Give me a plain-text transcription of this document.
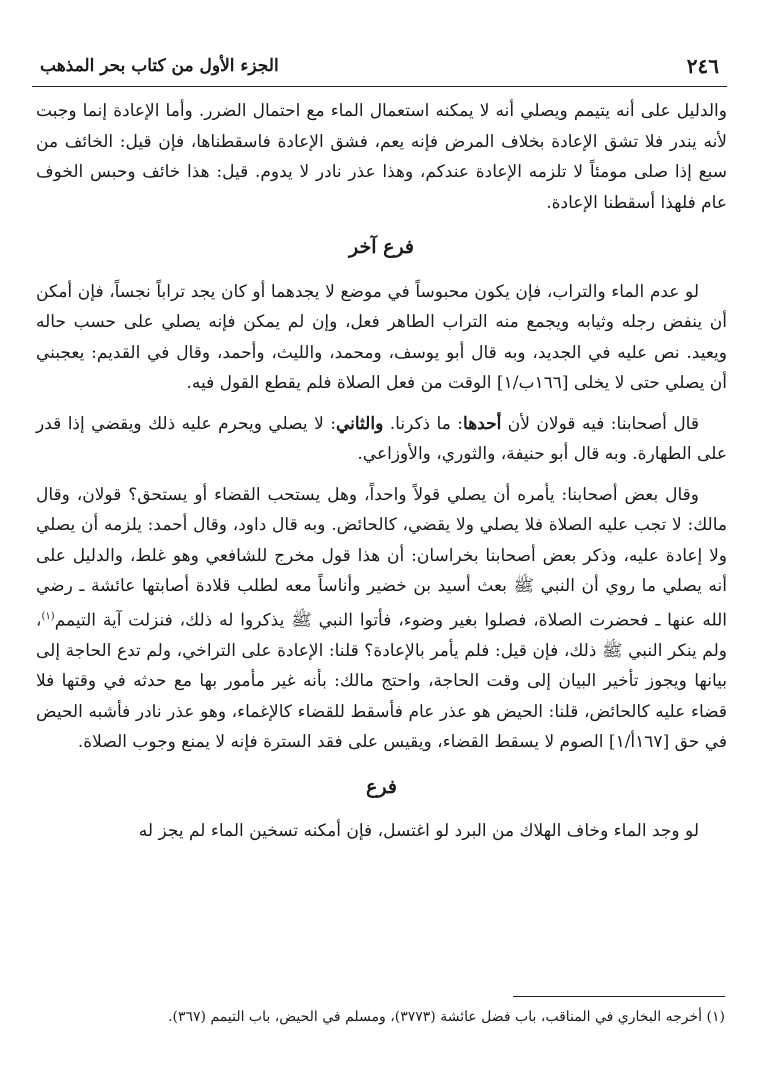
٢٤٦
الجزء الأول من كتاب بحر المذهب

والدليل على أنه يتيمم ويصلي أنه لا يمكنه استعمال الماء مع احتمال الضرر. وأما الإعادة إنما وجبت لأنه يندر فلا تشق الإعادة بخلاف المرض فإنه يعم، فشق الإعادة فاسقطناها، فإن قيل: الخائف من سبع إذا صلى مومئاً لا تلزمه الإعادة عندكم، وهذا عذر نادر لا يدوم. قيل: هذا خائف وحبس الخوف عام فلهذا أسقطنا الإعادة.

فرع آخر

لو عدم الماء والتراب، فإن يكون محبوساً في موضع لا يجدهما أو كان يجد تراباً نجساً، فإن أمكن أن ينفض رجله وثيابه ويجمع منه التراب الطاهر فعل، وإن لم يمكن فإنه يصلي على حسب حاله ويعيد. نص عليه في الجديد، وبه قال أبو يوسف، ومحمد، والليث، وأحمد، وقال في القديم: يعجبني أن يصلي حتى لا يخلى [١٦٦ب/١] الوقت من فعل الصلاة فلم يقطع القول فيه.

قال أصحابنا: فيه قولان لأن أحدها: ما ذكرنا. والثاني: لا يصلي ويحرم عليه ذلك ويقضي إذا قدر على الطهارة. وبه قال أبو حنيفة، والثوري، والأوزاعي.

وقال بعض أصحابنا: يأمره أن يصلي قولاً واحداً، وهل يستحب القضاء أو يستحق؟ قولان، وقال مالك: لا تجب عليه الصلاة فلا يصلي ولا يقضي، كالحائض. وبه قال داود، وقال أحمد: يلزمه أن يصلي ولا إعادة عليه، وذكر بعض أصحابنا بخراسان: أن هذا قول مخرج للشافعي وهو غلط، والدليل على أنه يصلي ما روي أن النبي ﷺ بعث أسيد بن خضير وأناساً معه لطلب قلادة أصابتها عائشة ـ رضي الله عنها ـ فحضرت الصلاة، فصلوا بغير وضوء، فأتوا النبي ﷺ يذكروا له ذلك، فنزلت آية التيمم$^{(١)}$، ولم ينكر النبي ﷺ ذلك، فإن قيل: فلم يأمر بالإعادة؟ قلنا: الإعادة على التراخي، ولم تدع الحاجة إلى بيانها ويجوز تأخير البيان إلى وقت الحاجة، واحتج مالك: بأنه غير مأمور بها مع حدثه في وقتها فلا قضاء عليه كالحائض، قلنا: الحيض هو عذر عام فأسقط للقضاء كالإغماء، وهو عذر نادر فأشبه الحيض في حق [١٦٧أ/١] الصوم لا يسقط القضاء، ويقيس على فقد السترة فإنه لا يمنع وجوب الصلاة.

فرع

لو وجد الماء وخاف الهلاك من البرد لو اغتسل، فإن أمكنه تسخين الماء لم يجز له

(١) أخرجه البخاري في المناقب، باب فضل عائشة (٣٧٧٣)، ومسلم في الحيض، باب التيمم (٣٦٧).
